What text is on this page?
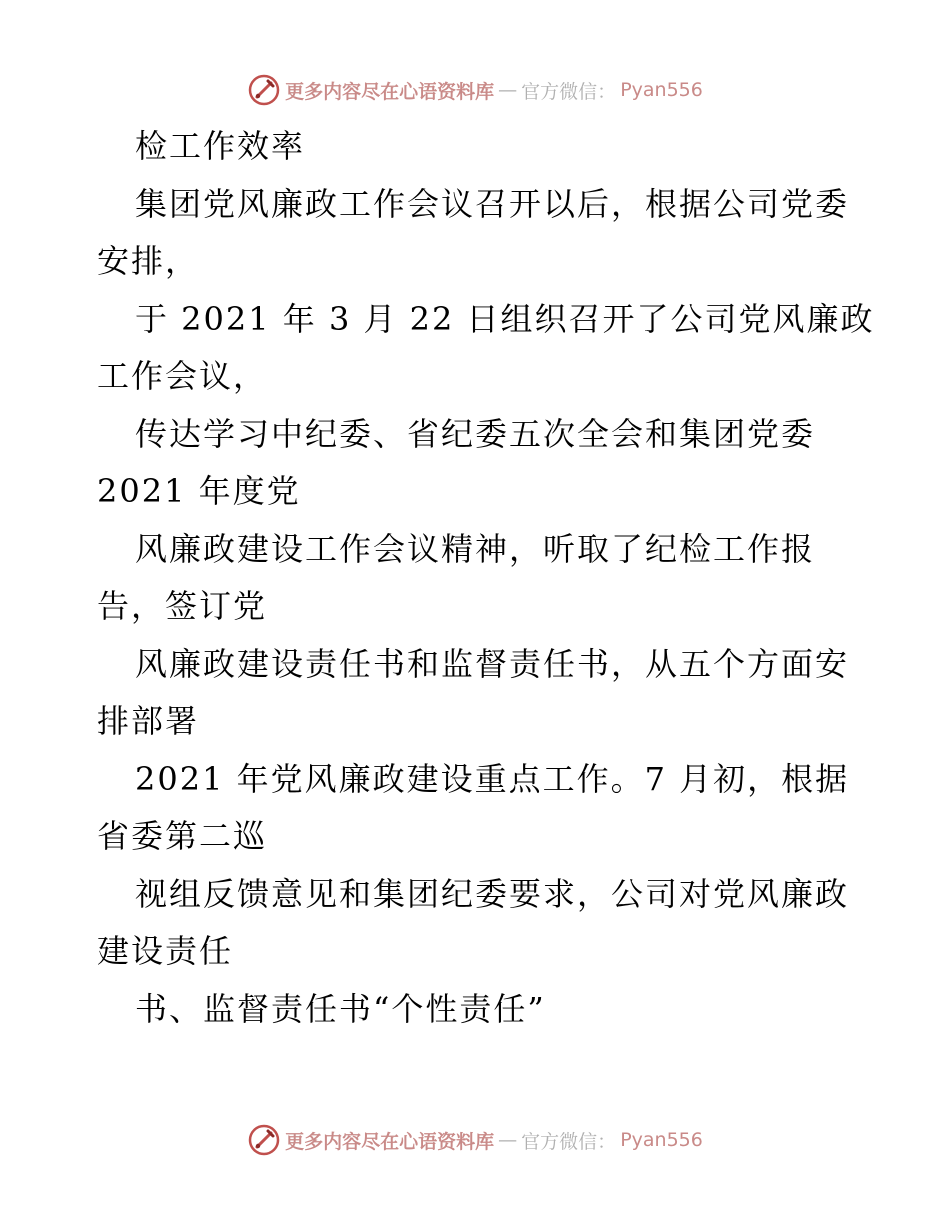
更多内容尽在心语资料库 — 官方微信： Pyan556
检工作效率
集团党风廉政工作会议召开以后，根据公司党委
安排，
于 2021 年 3 月 22 日组织召开了公司党风廉政
工作会议，
传达学习中纪委、省纪委五次全会和集团党委
2021 年度党
风廉政建设工作会议精神，听取了纪检工作报
告，签订党
风廉政建设责任书和监督责任书，从五个方面安
排部署
2021 年党风廉政建设重点工作。7 月初，根据
省委第二巡
视组反馈意见和集团纪委要求，公司对党风廉政
建设责任
书、监督责任书“个性责任”
更多内容尽在心语资料库 — 官方微信： Pyan556
